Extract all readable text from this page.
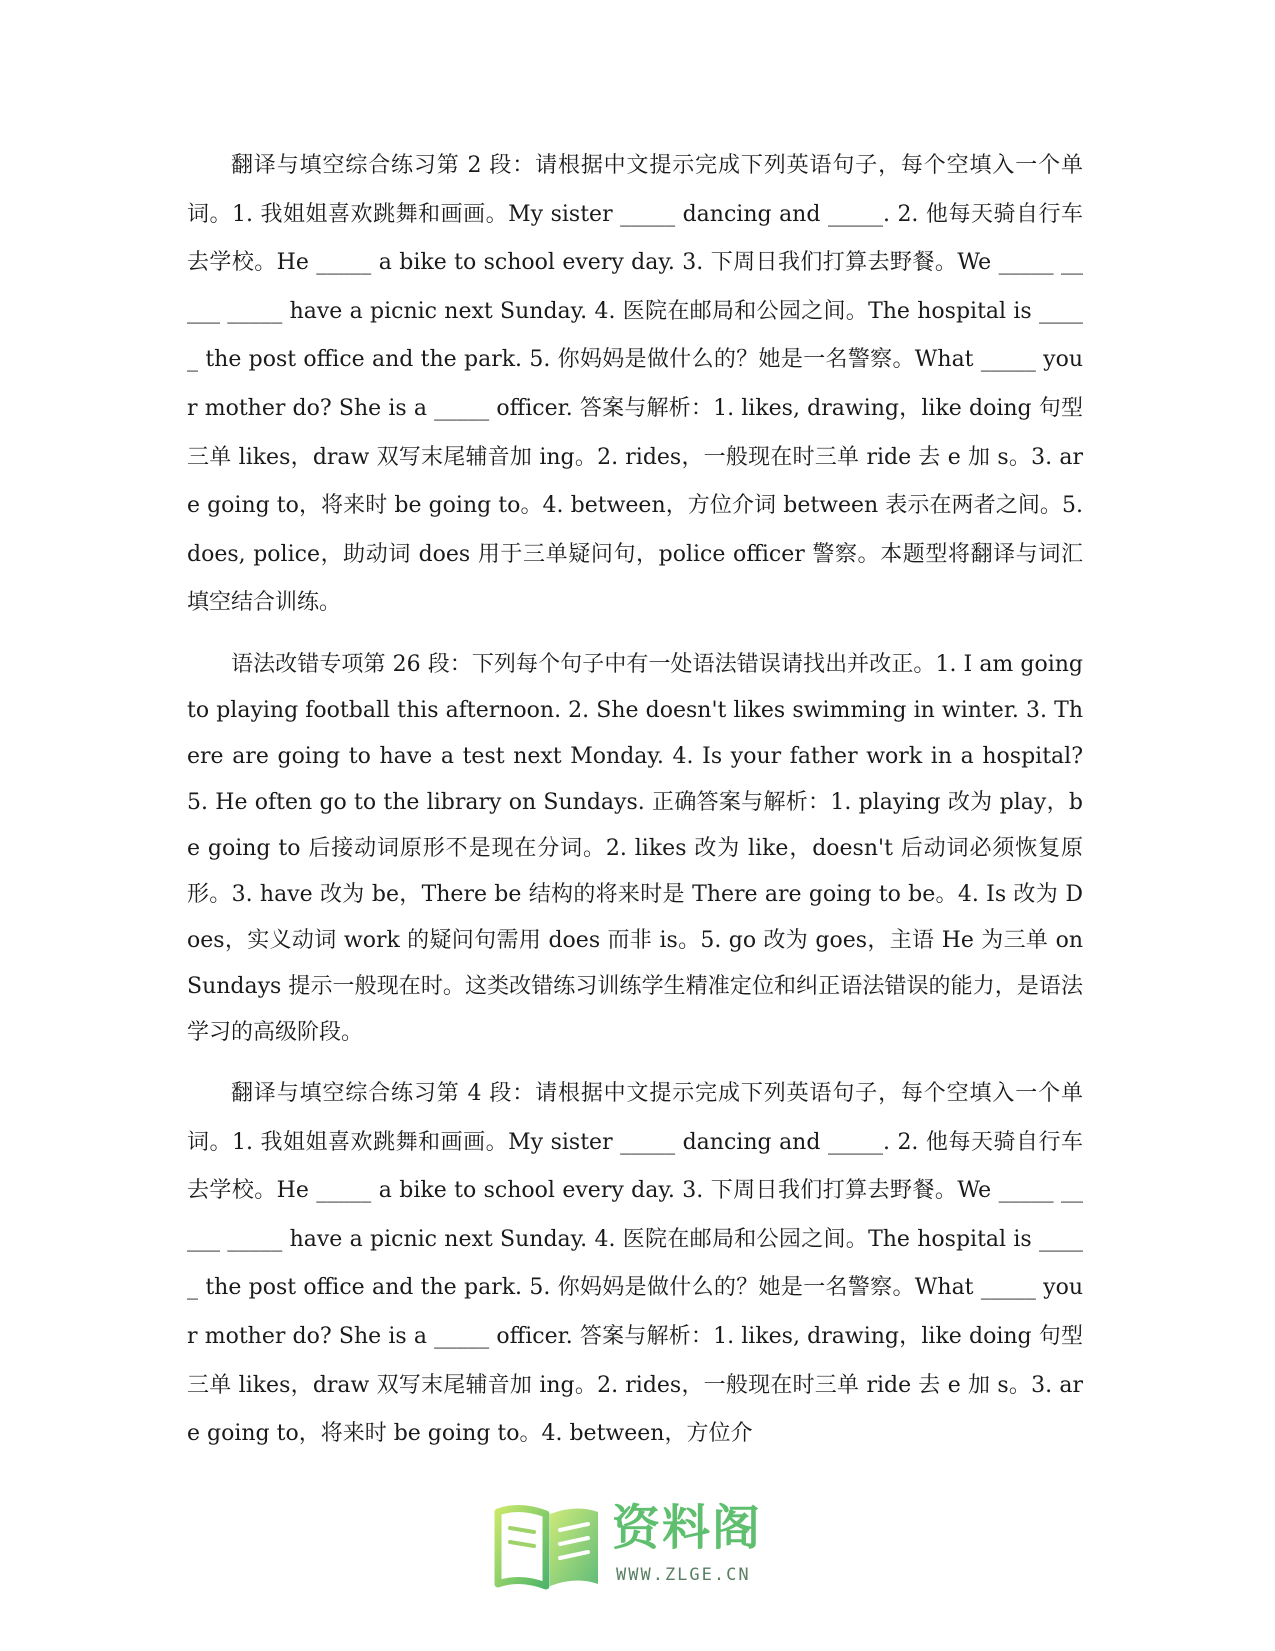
翻译与填空综合练习第 2 段：请根据中文提示完成下列英语句子，每个空填入一个单词。1. 我姐姐喜欢跳舞和画画。My sister _____ dancing and _____. 2. 他每天骑自行车去学校。He _____ a bike to school every day. 3. 下周日我们打算去野餐。We _____ _____ _____ have a picnic next Sunday. 4. 医院在邮局和公园之间。The hospital is _____ the post office and the park. 5. 你妈妈是做什么的？她是一名警察。What _____ your mother do? She is a _____ officer. 答案与解析：1. likes, drawing，like doing 句型三单 likes，draw 双写末尾辅音加 ing。2. rides，一般现在时三单 ride 去 e 加 s。3. are going to，将来时 be going to。4. between，方位介词 between 表示在两者之间。5. does, police，助动词 does 用于三单疑问句，police officer 警察。本题型将翻译与词汇填空结合训练。

语法改错专项第 26 段：下列每个句子中有一处语法错误请找出并改正。1. I am going to playing football this afternoon. 2. She doesn't likes swimming in winter. 3. There are going to have a test next Monday. 4. Is your father work in a hospital? 5. He often go to the library on Sundays. 正确答案与解析：1. playing 改为 play，be going to 后接动词原形不是现在分词。2. likes 改为 like，doesn't 后动词必须恢复原形。3. have 改为 be，There be 结构的将来时是 There are going to be。4. Is 改为 Does，实义动词 work 的疑问句需用 does 而非 is。5. go 改为 goes，主语 He 为三单 on Sundays 提示一般现在时。这类改错练习训练学生精准定位和纠正语法错误的能力，是语法学习的高级阶段。

翻译与填空综合练习第 4 段：请根据中文提示完成下列英语句子，每个空填入一个单词。1. 我姐姐喜欢跳舞和画画。My sister _____ dancing and _____. 2. 他每天骑自行车去学校。He _____ a bike to school every day. 3. 下周日我们打算去野餐。We _____ _____ _____ have a picnic next Sunday. 4. 医院在邮局和公园之间。The hospital is _____ the post office and the park. 5. 你妈妈是做什么的？她是一名警察。What _____ your mother do? She is a _____ officer. 答案与解析：1. likes, drawing，like doing 句型三单 likes，draw 双写末尾辅音加 ing。2. rides，一般现在时三单 ride 去 e 加 s。3. are going to，将来时 be going to。4. between，方位介

资料阁
WWW.ZLGE.CN
